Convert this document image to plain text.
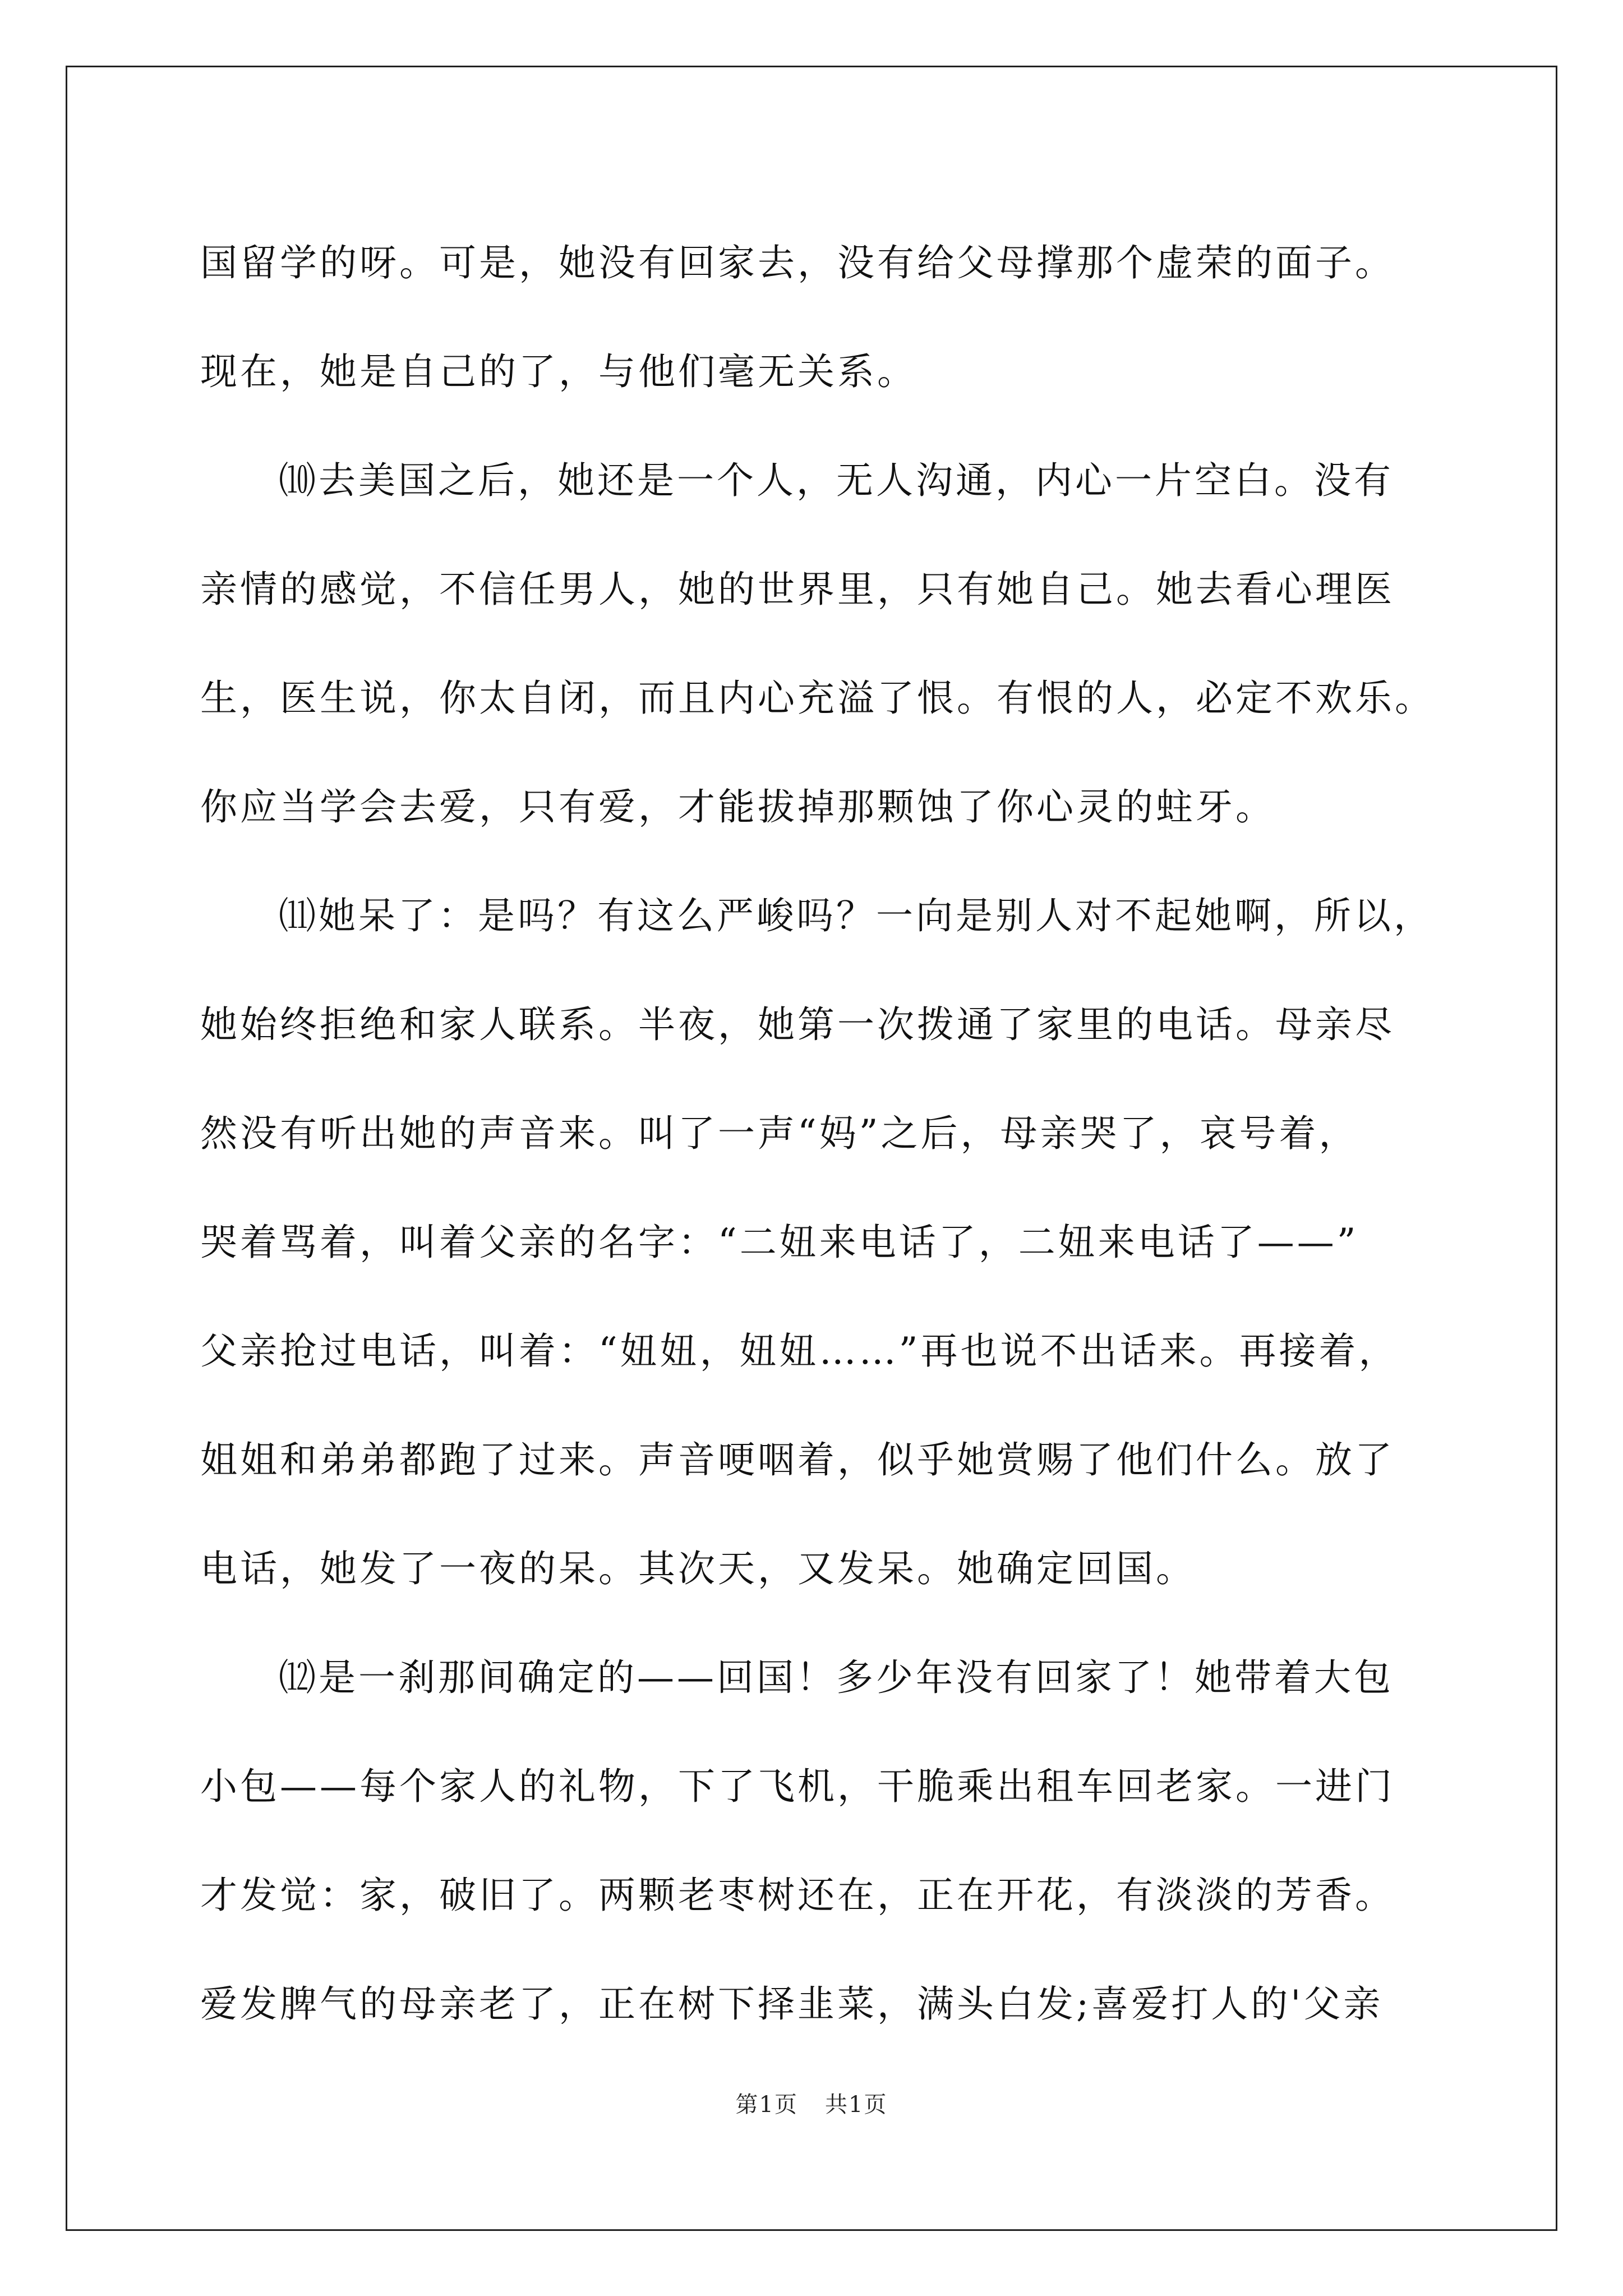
国留学的呀。可是，她没有回家去，没有给父母撑那个虚荣的面子。
现在，她是自己的了，与他们毫无关系。
⑽去美国之后，她还是一个人，无人沟通，内心一片空白。没有
亲情的感觉，不信任男人，她的世界里，只有她自己。她去看心理医
生，医生说，你太自闭，而且内心充溢了恨。有恨的人，必定不欢乐。
你应当学会去爱，只有爱，才能拔掉那颗蚀了你心灵的蛀牙。
⑾她呆了：是吗？有这么严峻吗？一向是别人对不起她啊，所以，
她始终拒绝和家人联系。半夜，她第一次拨通了家里的电话。母亲尽
然没有听出她的声音来。叫了一声“妈”之后，母亲哭了，哀号着，
哭着骂着，叫着父亲的名字：“二妞来电话了，二妞来电话了——”
父亲抢过电话，叫着：“妞妞，妞妞……”再也说不出话来。再接着，
姐姐和弟弟都跑了过来。声音哽咽着，似乎她赏赐了他们什么。放了
电话，她发了一夜的呆。其次天，又发呆。她确定回国。
⑿是一刹那间确定的——回国！多少年没有回家了！她带着大包
小包——每个家人的礼物，下了飞机，干脆乘出租车回老家。一进门
才发觉：家，破旧了。两颗老枣树还在，正在开花，有淡淡的芳香。
爱发脾气的母亲老了，正在树下择韭菜，满头白发;喜爱打人的'父亲
第1页 共1页
